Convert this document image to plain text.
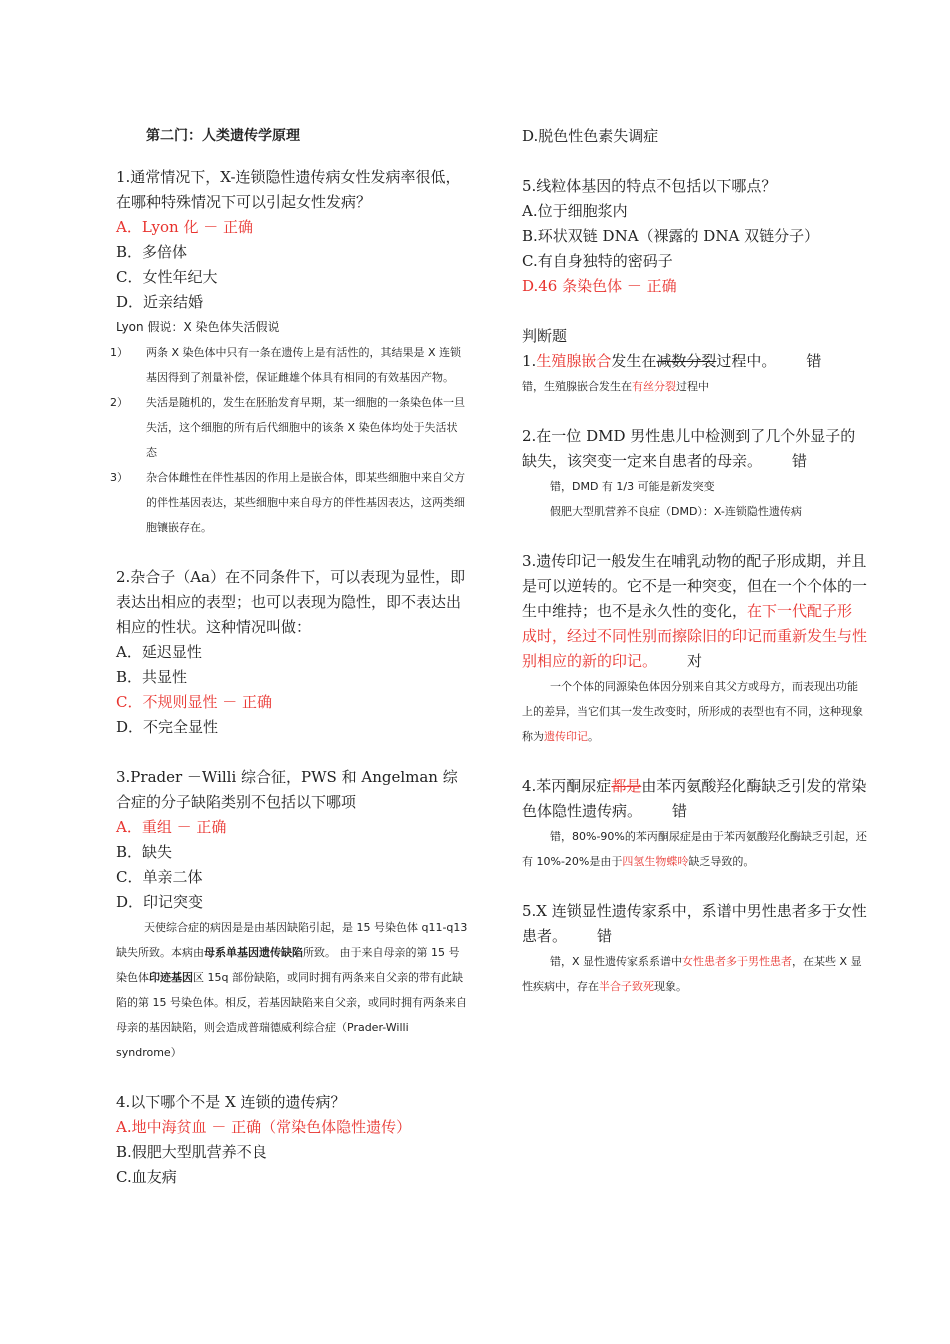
第二门：人类遗传学原理
1.通常情况下，X-连锁隐性遗传病女性发病率很低，在哪种特殊情况下可以引起女性发病？
A．Lyon 化 － 正确
B．多倍体
C．女性年纪大
D．近亲结婚
Lyon 假说：X 染色体失活假说
1） 两条 X 染色体中只有一条在遗传上是有活性的，其结果是 X 连锁基因得到了剂量补偿，保证雌雄个体具有相同的有效基因产物。
2） 失活是随机的，发生在胚胎发育早期，某一细胞的一条染色体一旦失活，这个细胞的所有后代细胞中的该条 X 染色体均处于失活状态
3） 杂合体雌性在伴性基因的作用上是嵌合体，即某些细胞中来自父方的伴性基因表达，某些细胞中来自母方的伴性基因表达，这两类细胞镶嵌存在。
2.杂合子（Aa）在不同条件下，可以表现为显性，即表达出相应的表型；也可以表现为隐性，即不表达出相应的性状。这种情况叫做：
A．延迟显性
B．共显性
C．不规则显性 － 正确
D．不完全显性
3.Prader －Willi 综合征，PWS 和 Angelman 综合症的分子缺陷类别不包括以下哪项
A．重组 － 正确
B．缺失
C．单亲二体
D．印记突变
天使综合症的病因是是由基因缺陷引起，是 15 号染色体 q11-q13 缺失所致。本病由母系单基因遗传缺陷所致。 由于来自母亲的第 15 号染色体印迹基因区 15q 部份缺陷，或同时拥有两条来自父亲的带有此缺陷的第 15 号染色体。相反，若基因缺陷来自父亲，或同时拥有两条来自母亲的基因缺陷，则会造成普瑞德威利综合症（Prader-Willi syndrome）
4.以下哪个不是 X 连锁的遗传病？
A.地中海贫血 － 正确（常染色体隐性遗传）
B.假肥大型肌营养不良
C.血友病
D.脱色性色素失调症
5.线粒体基因的特点不包括以下哪点？
A.位于细胞浆内
B.环状双链 DNA（裸露的 DNA 双链分子）
C.有自身独特的密码子
D.46 条染色体 － 正确
判断题
1.生殖腺嵌合发生在减数分裂过程中。 错
错，生殖腺嵌合发生在有丝分裂过程中
2.在一位 DMD 男性患儿中检测到了几个外显子的缺失，该突变一定来自患者的母亲。 错
错，DMD 有 1/3 可能是新发突变
假肥大型肌营养不良症（DMD）：X-连锁隐性遗传病
3.遗传印记一般发生在哺乳动物的配子形成期，并且是可以逆转的。它不是一种突变，但在一个个体的一生中维持；也不是永久性的变化，在下一代配子形成时，经过不同性别而擦除旧的印记而重新发生与性别相应的新的印记。 对
一个个体的同源染色体因分别来自其父方或母方，而表现出功能上的差异，当它们其一发生改变时，所形成的表型也有不同，这种现象称为遗传印记。
4.苯丙酮尿症都是由苯丙氨酸羟化酶缺乏引发的常染色体隐性遗传病。 错
错，80%-90%的苯丙酮尿症是由于苯丙氨酸羟化酶缺乏引起，还有 10%-20%是由于四氢生物蝶呤缺乏导致的。
5.X 连锁显性遗传家系中，系谱中男性患者多于女性患者。 错
错，X 显性遗传家系系谱中女性患者多于男性患者，在某些 X 显性疾病中，存在半合子致死现象。
